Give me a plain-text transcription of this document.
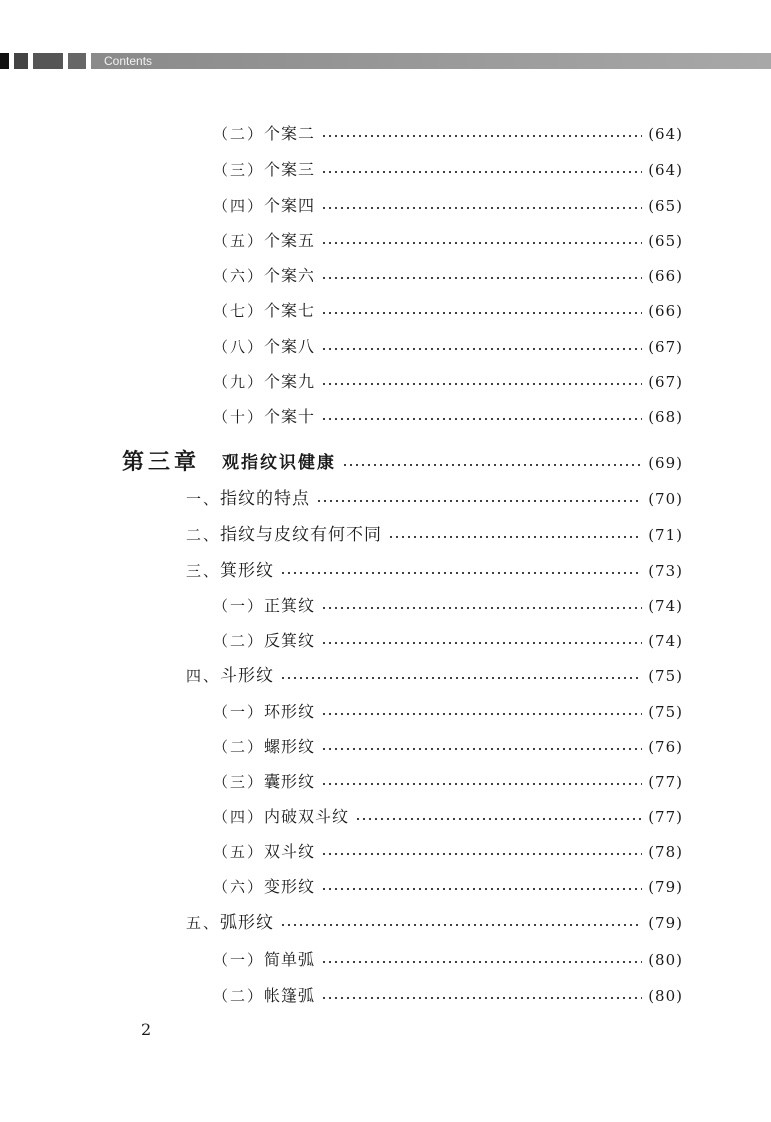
Contents
（二） 个案二	(64)
（三） 个案三	(64)
（四） 个案四	(65)
（五） 个案五	(65)
（六） 个案六	(66)
（七） 个案七	(66)
（八） 个案八	(67)
（九） 个案九	(67)
（十） 个案十	(68)
第三章 观指纹识健康	(69)
一、 指纹的特点	(70)
二、 指纹与皮纹有何不同	(71)
三、 箕形纹	(73)
（一） 正箕纹	(74)
（二） 反箕纹	(74)
四、 斗形纹	(75)
（一） 环形纹	(75)
（二） 螺形纹	(76)
（三） 囊形纹	(77)
（四） 内破双斗纹	(77)
（五） 双斗纹	(78)
（六） 变形纹	(79)
五、 弧形纹	(79)
（一） 简单弧	(80)
（二） 帐篷弧	(80)
2
